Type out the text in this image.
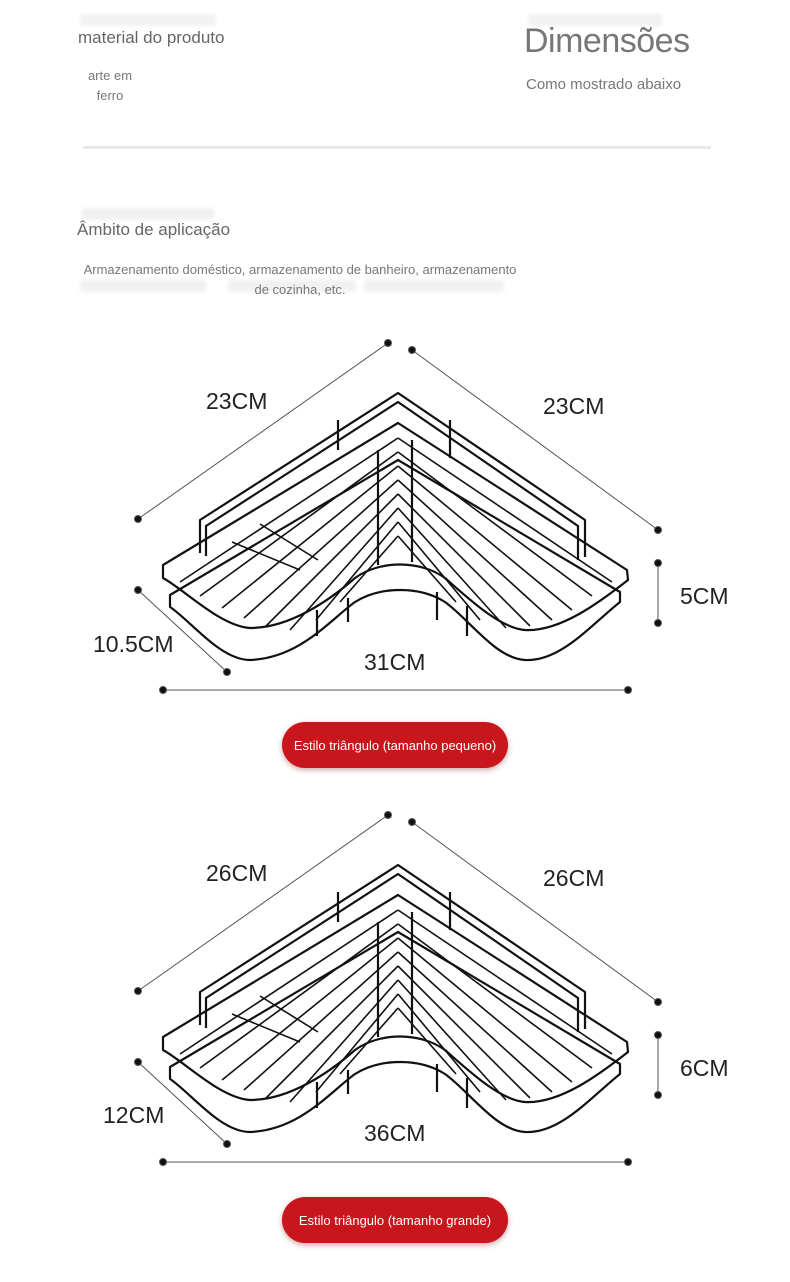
material do produto
arte em ferro
Dimensões
Como mostrado abaixo
Âmbito de aplicação
Armazenamento doméstico, armazenamento de banheiro, armazenamento de cozinha, etc.
23CM	23CM
5CM
10.5CM
31CM
Estilo triângulo (tamanho pequeno)
26CM	26CM
6CM
12CM
36CM
Estilo triângulo (tamanho grande)
